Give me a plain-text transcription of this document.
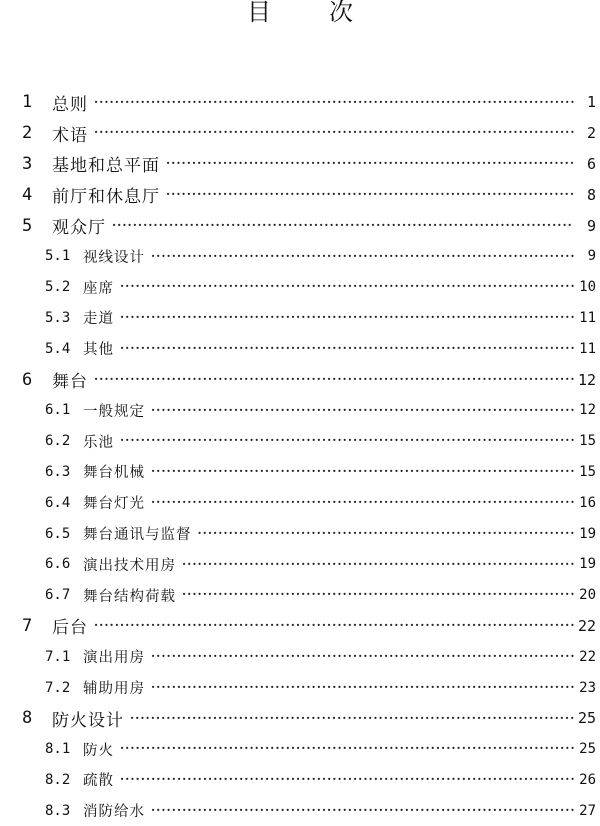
目次
1	总则 ·····	1
2	术语 ·····	2
3	基地和总平面 ·····	6
4	前厅和休息厅 ·····	8
5	观众厅 ·····	9
5.1 视线设计 ·····	9
5.2 座席 ·····	10
5.3 走道 ·····	11
5.4 其他 ·····	11
6	舞台 ·····	12
6.1 一般规定 ·····	12
6.2 乐池 ·····	15
6.3 舞台机械 ·····	15
6.4 舞台灯光 ·····	16
6.5 舞台通讯与监督 ·····	19
6.6 演出技术用房 ·····	19
6.7 舞台结构荷载 ·····	20
7	后台 ·····	22
7.1 演出用房 ·····	22
7.2 辅助用房 ·····	23
8	防火设计 ·····	25
8.1 防火 ·····	25
8.2 疏散 ·····	26
8.3 消防给水 ·····	27
